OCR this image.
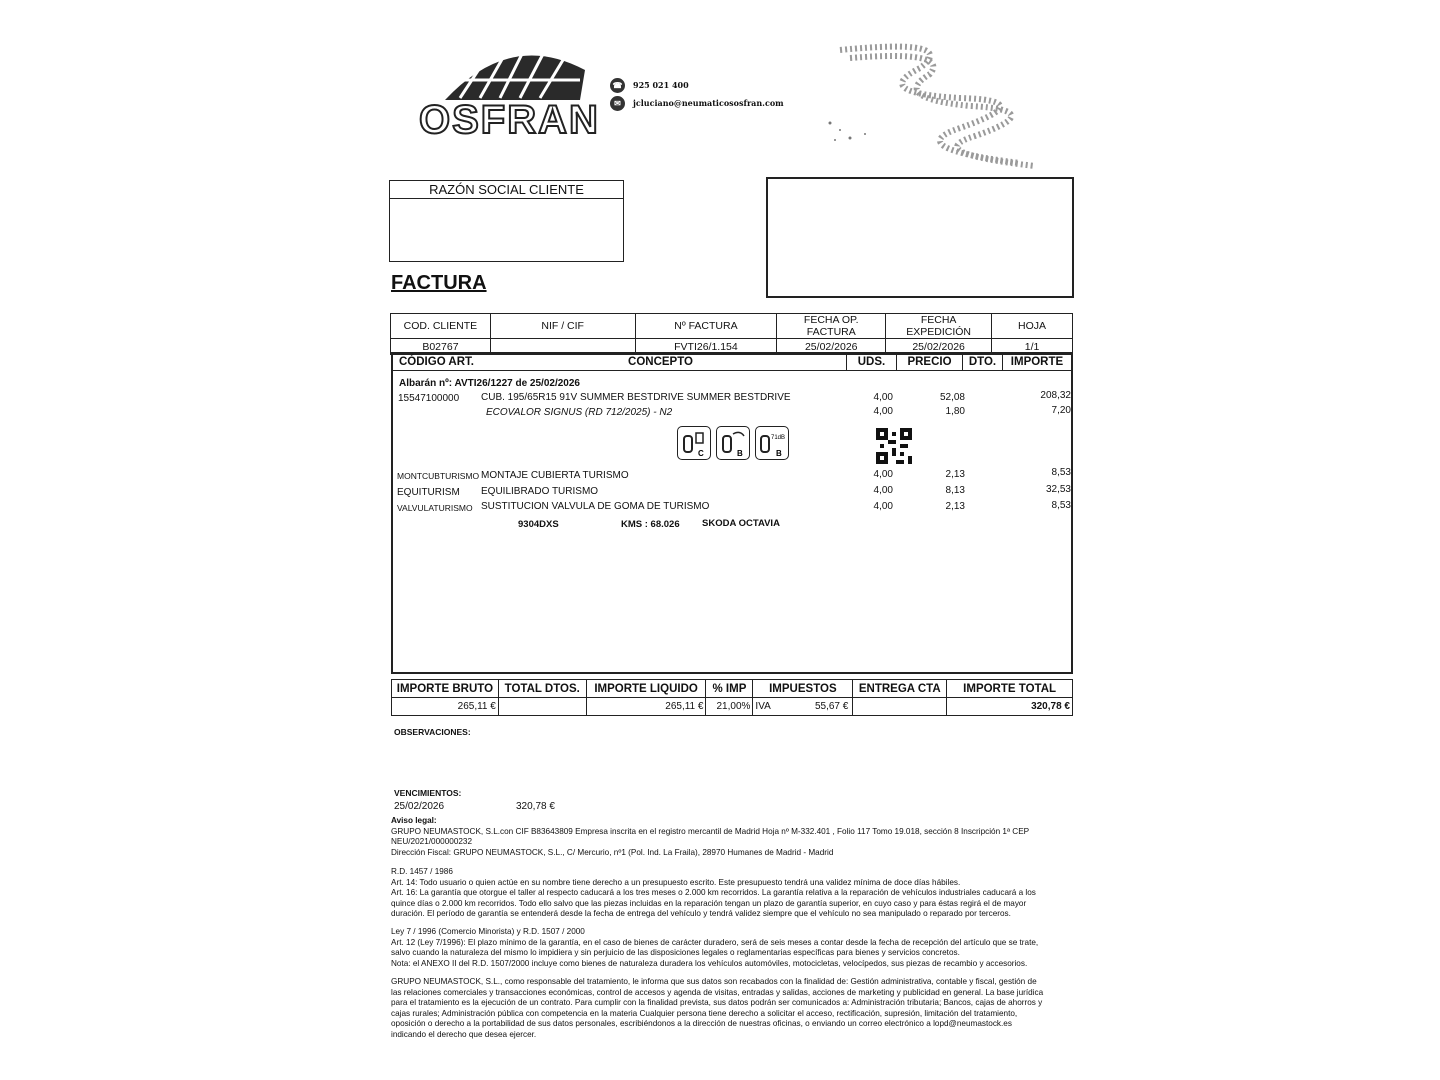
OSFRAN
☎	925 021 400
✉	jcluciano@neumaticososfran.com
RAZÓN SOCIAL CLIENTE
FACTURA
COD. CLIENTE	NIF / CIF	Nº FACTURA	FECHA OP. FACTURA	FECHA EXPEDICIÓN	HOJA
B02767		FVTI26/1.154	25/02/2026	25/02/2026	1/1
CÓDIGO ART.	CONCEPTO	UDS.	PRECIO	DTO.	IMPORTE
Albarán nº: AVTI26/1227 de 25/02/2026
15547100000 CUB. 195/65R15 91V SUMMER BESTDRIVE SUMMER BESTDRIVE	4,00	52,08	208,32
ECOVALOR SIGNUS (RD 712/2025) - N2	4,00	1,80	7,20
C	B
71dB
B
MONTCUBTURISMO MONTAJE CUBIERTA TURISMO	4,00	2,13	8,53
EQUITURISM EQUILIBRADO TURISMO	4,00	8,13	32,53
VALVULATURISMO SUSTITUCION VALVULA DE GOMA DE TURISMO	4,00	2,13	8,53
9304DXS	KMS : 68.026 SKODA OCTAVIA
IMPORTE BRUTO	TOTAL DTOS.	IMPORTE LIQUIDO	% IMP	IMPUESTOS	ENTREGA CTA	IMPORTE TOTAL
265,11 €		265,11 €	21,00%	IVA 55,67 €		320,78 €
OBSERVACIONES:
VENCIMIENTOS:
25/02/2026	320,78 €
Aviso legal:
GRUPO NEUMASTOCK, S.L.con CIF B83643809 Empresa inscrita en el registro mercantil de Madrid Hoja nº M-332.401 , Folio 117 Tomo 19.018, sección 8 Inscripción 1ª CEP
NEU/2021/000000232
Dirección Fiscal: GRUPO NEUMASTOCK, S.L., C/ Mercurio, nº1 (Pol. Ind. La Fraila), 28970 Humanes de Madrid - Madrid
R.D. 1457 / 1986
Art. 14: Todo usuario o quien actúe en su nombre tiene derecho a un presupuesto escrito. Este presupuesto tendrá una validez mínima de doce días hábiles.
Art. 16: La garantía que otorgue el taller al respecto caducará a los tres meses o 2.000 km recorridos. La garantía relativa a la reparación de vehículos industriales caducará a los
quince días o 2.000 km recorridos. Todo ello salvo que las piezas incluidas en la reparación tengan un plazo de garantía superior, en cuyo caso y para éstas regirá el de mayor
duración. El período de garantía se entenderá desde la fecha de entrega del vehículo y tendrá validez siempre que el vehículo no sea manipulado o reparado por terceros.
Ley 7 / 1996 (Comercio Minorista) y R.D. 1507 / 2000
Art. 12 (Ley 7/1996): El plazo mínimo de la garantía, en el caso de bienes de carácter duradero, será de seis meses a contar desde la fecha de recepción del artículo que se trate,
salvo cuando la naturaleza del mismo lo impidiera y sin perjuicio de las disposiciones legales o reglamentarias específicas para bienes y servicios concretos.
Nota: el ANEXO II del R.D. 1507/2000 incluye como bienes de naturaleza duradera los vehículos automóviles, motocicletas, velocípedos, sus piezas de recambio y accesorios.
GRUPO NEUMASTOCK, S.L., como responsable del tratamiento, le informa que sus datos son recabados con la finalidad de: Gestión administrativa, contable y fiscal, gestión de
las relaciones comerciales y transacciones económicas, control de accesos y agenda de visitas, entradas y salidas, acciones de marketing y publicidad en general. La base jurídica
para el tratamiento es la ejecución de un contrato. Para cumplir con la finalidad prevista, sus datos podrán ser comunicados a: Administración tributaria; Bancos, cajas de ahorros y
cajas rurales; Administración pública con competencia en la materia Cualquier persona tiene derecho a solicitar el acceso, rectificación, supresión, limitación del tratamiento,
oposición o derecho a la portabilidad de sus datos personales, escribiéndonos a la dirección de nuestras oficinas, o enviando un correo electrónico a lopd@neumastock.es
indicando el derecho que desea ejercer.
